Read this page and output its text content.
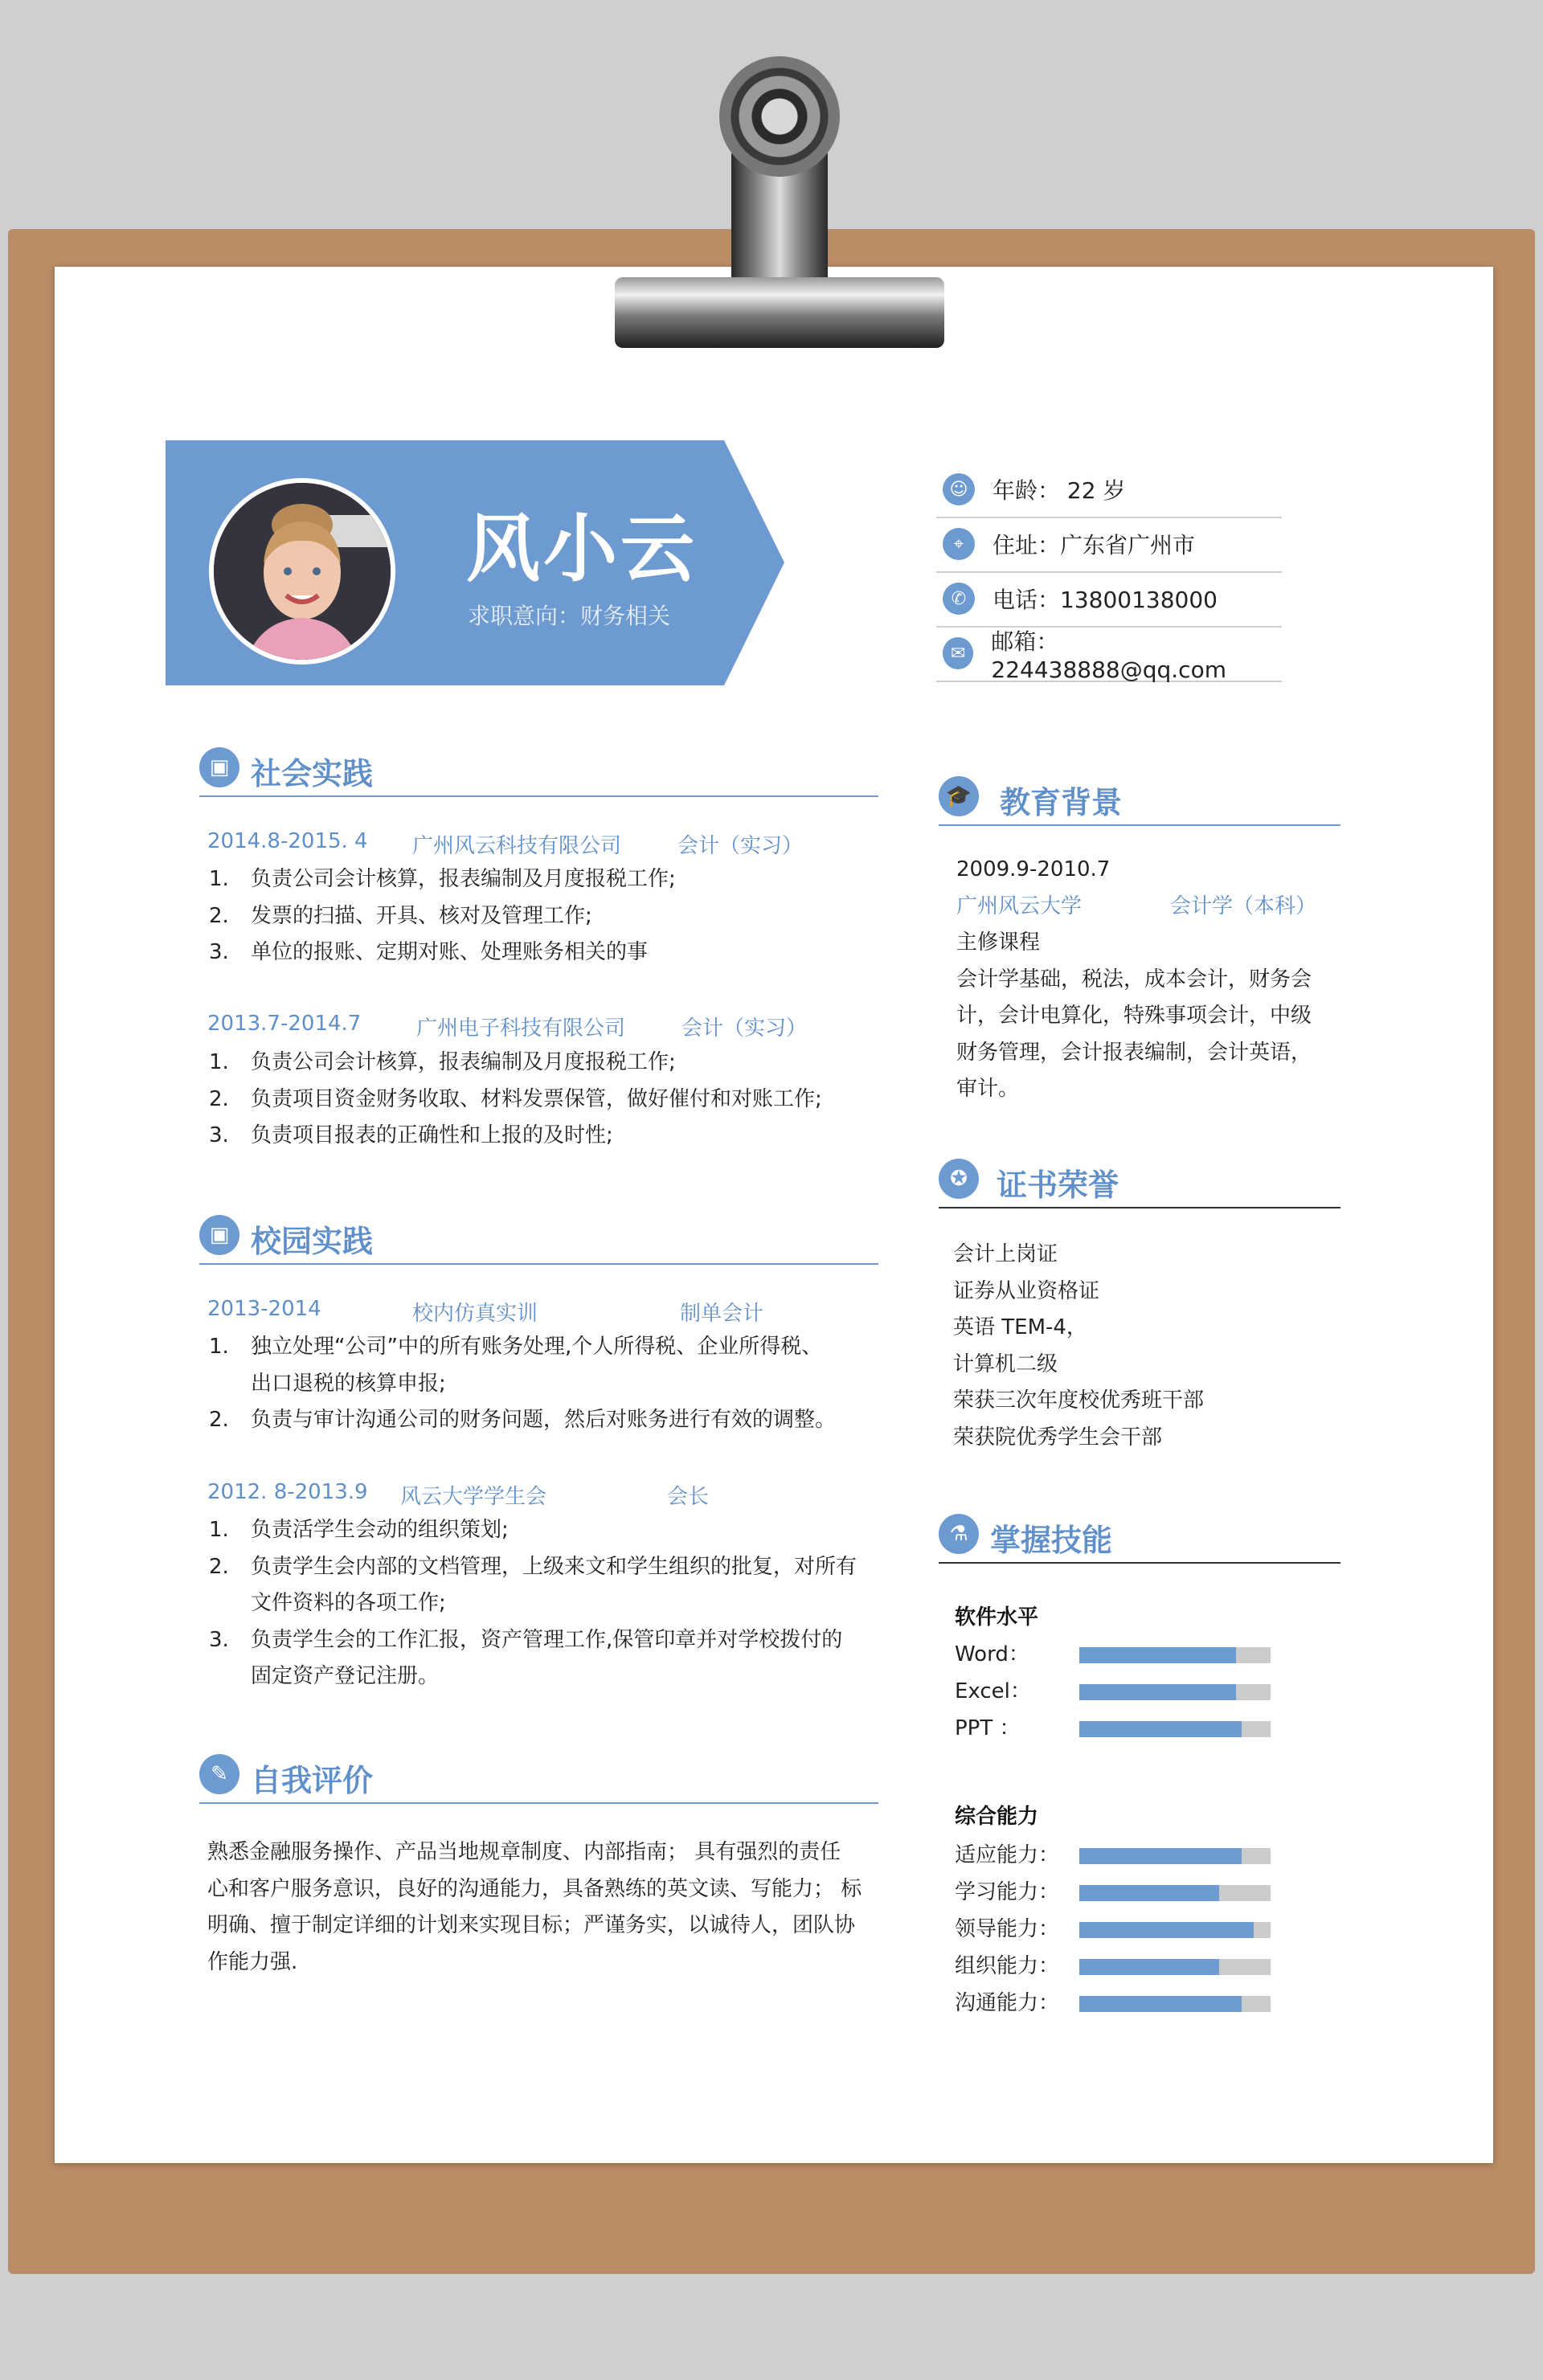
风小云
求职意向：财务相关
☺	年龄： 22 岁
⌖	住址：广东省广州市
✆	电话：13800138000
✉	邮箱：224438888@qq.com
▣ 社会实践
2014.8-2015. 4 广州风云科技有限公司	会计（实习）
1. 负责公司会计核算，报表编制及月度报税工作;
2. 发票的扫描、开具、核对及管理工作;
3. 单位的报账、定期对账、处理账务相关的事
2013.7-2014.7	广州电子科技有限公司	会计（实习）
1. 负责公司会计核算，报表编制及月度报税工作;
2. 负责项目资金财务收取、材料发票保管，做好催付和对账工作;
3. 负责项目报表的正确性和上报的及时性;
▣ 校园实践
2013-2014	校内仿真实训	制单会计
1. 独立处理“公司”中的所有账务处理,个人所得税、企业所得税、
出口退税的核算申报;
2. 负责与审计沟通公司的财务问题，然后对账务进行有效的调整。
2012. 8-2013.9 风云大学学生会	会长
1. 负责活学生会动的组织策划;
2. 负责学生会内部的文档管理，上级来文和学生组织的批复，对所有
文件资料的各项工作;
3. 负责学生会的工作汇报，资产管理工作,保管印章并对学校拨付的
固定资产登记注册。
✎ 自我评价
熟悉金融服务操作、产品当地规章制度、内部指南； 具有强烈的责任
心和客户服务意识，良好的沟通能力，具备熟练的英文读、写能力； 标
明确、擅于制定详细的计划来实现目标；严谨务实，以诚待人，团队协
作能力强.
🎓 教育背景
2009.9-2010.7
广州风云大学	会计学（本科）
主修课程
会计学基础，税法，成本会计，财务会
计，会计电算化，特殊事项会计，中级
财务管理，会计报表编制，会计英语，
审计。
✪ 证书荣誉
会计上岗证
证券从业资格证
英语 TEM-4，
计算机二级
荣获三次年度校优秀班干部
荣获院优秀学生会干部
⚗ 掌握技能
软件水平
Word：
Excel：
PPT ：
综合能力
适应能力：
学习能力：
领导能力：
组织能力：
沟通能力：
